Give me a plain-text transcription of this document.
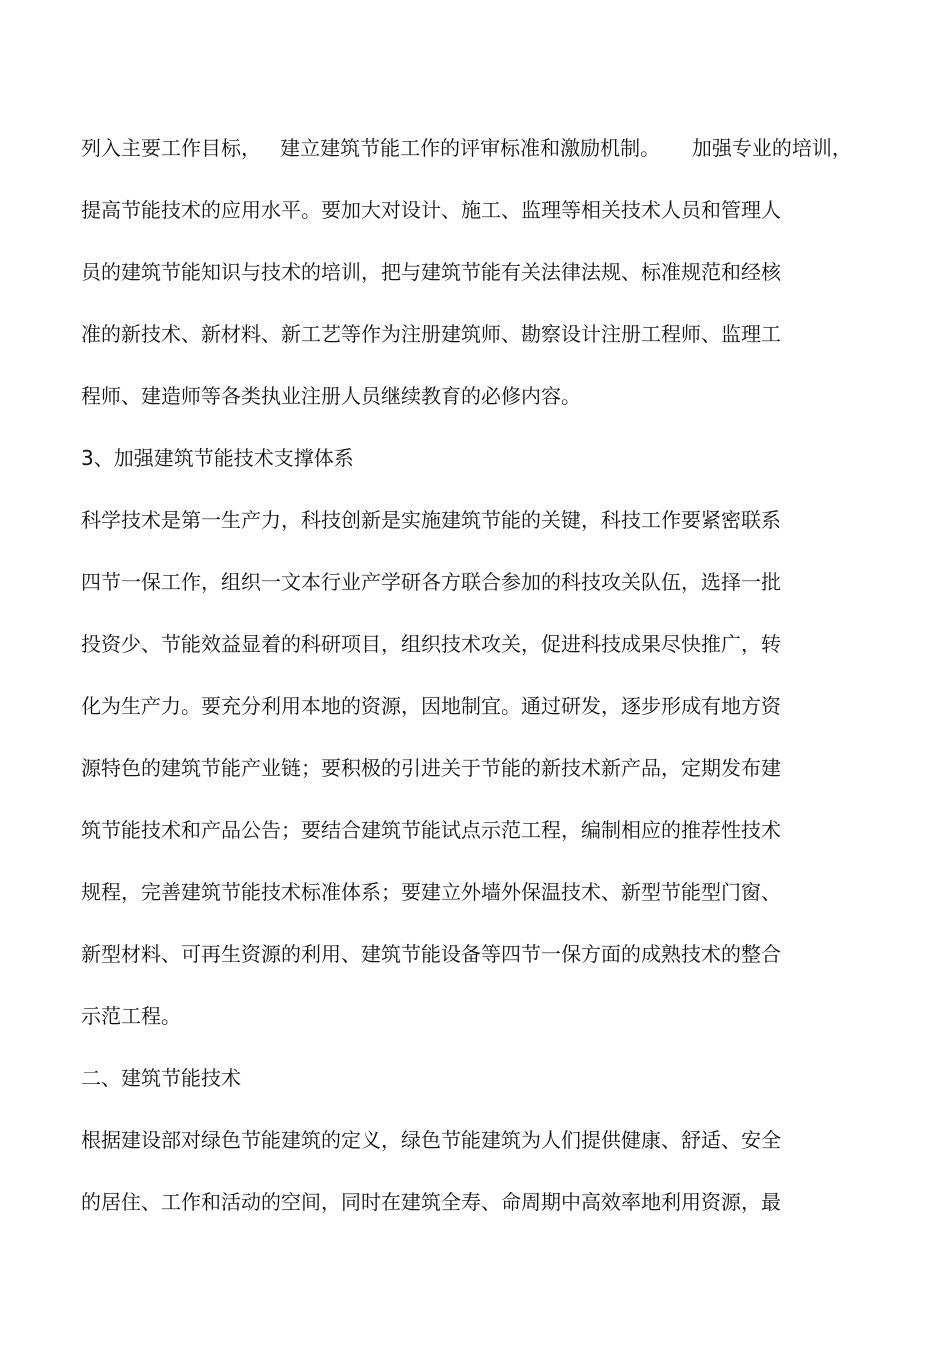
列入主要工作目标，   建立建筑节能工作的评审标准和激励机制。     加强专业的培训，
提高节能技术的应用水平。要加大对设计、施工、监理等相关技术人员和管理人
员的建筑节能知识与技术的培训，把与建筑节能有关法律法规、标准规范和经核
准的新技术、新材料、新工艺等作为注册建筑师、勘察设计注册工程师、监理工
程师、建造师等各类执业注册人员继续教育的必修内容。
3、加强建筑节能技术支撑体系
科学技术是第一生产力，科技创新是实施建筑节能的关键，科技工作要紧密联系
四节一保工作，组织一文本行业产学研各方联合参加的科技攻关队伍，选择一批
投资少、节能效益显着的科研项目，组织技术攻关，促进科技成果尽快推广，转
化为生产力。要充分利用本地的资源，因地制宜。通过研发，逐步形成有地方资
源特色的建筑节能产业链；要积极的引进关于节能的新技术新产品，定期发布建
筑节能技术和产品公告；要结合建筑节能试点示范工程，编制相应的推荐性技术
规程，完善建筑节能技术标准体系；要建立外墙外保温技术、新型节能型门窗、
新型材料、可再生资源的利用、建筑节能设备等四节一保方面的成熟技术的整合
示范工程。
二、建筑节能技术
根据建设部对绿色节能建筑的定义，绿色节能建筑为人们提供健康、舒适、安全
的居住、工作和活动的空间，同时在建筑全寿、命周期中高效率地利用资源，最
